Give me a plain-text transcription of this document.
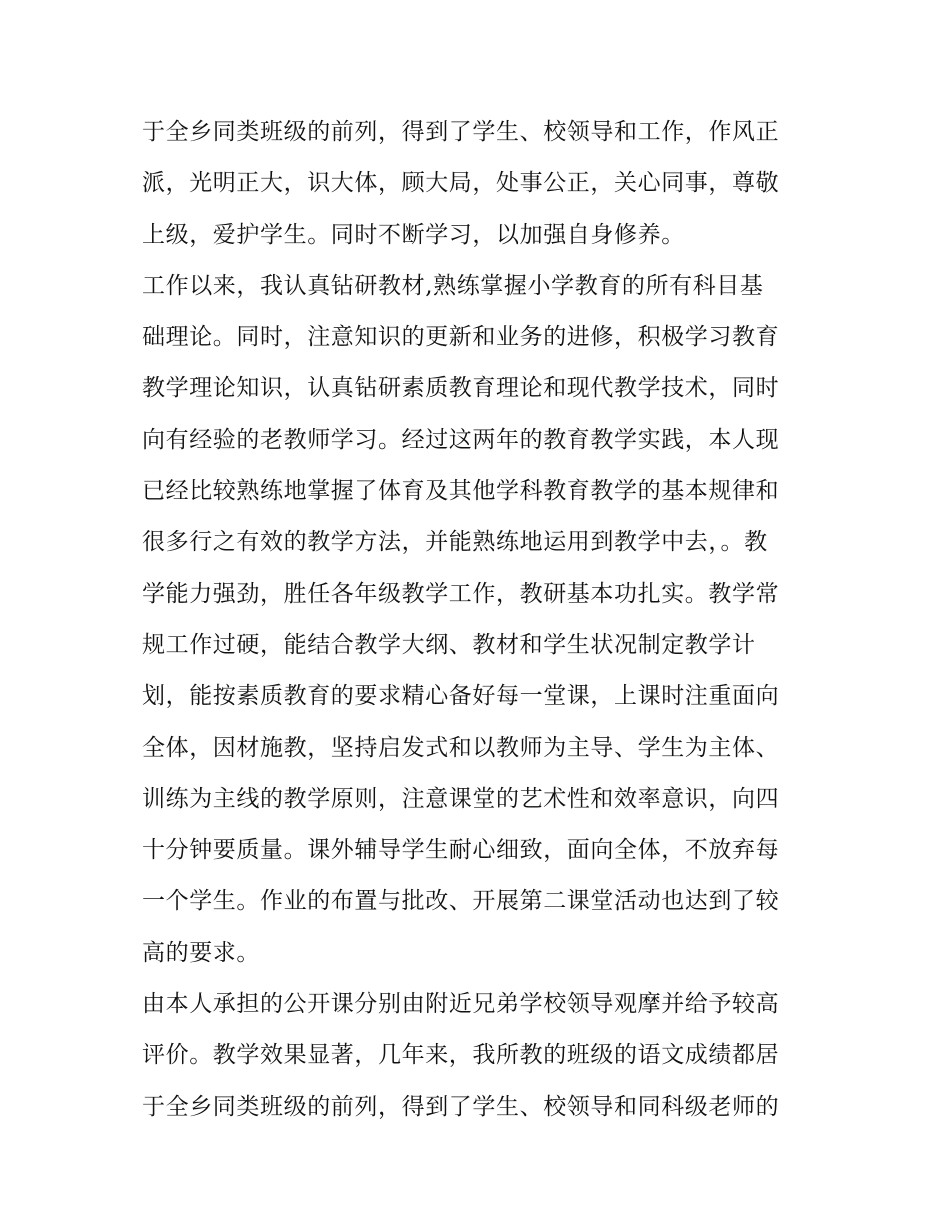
于全乡同类班级的前列，得到了学生、校领导和工作，作风正
派，光明正大，识大体，顾大局，处事公正，关心同事，尊敬
上级，爱护学生。同时不断学习，以加强自身修养。
工作以来，我认真钻研教材,熟练掌握小学教育的所有科目基
础理论。同时，注意知识的更新和业务的进修，积极学习教育
教学理论知识，认真钻研素质教育理论和现代教学技术，同时
向有经验的老教师学习。经过这两年的教育教学实践，本人现
已经比较熟练地掌握了体育及其他学科教育教学的基本规律和
很多行之有效的教学方法，并能熟练地运用到教学中去，。教
学能力强劲，胜任各年级教学工作，教研基本功扎实。教学常
规工作过硬，能结合教学大纲、教材和学生状况制定教学计
划，能按素质教育的要求精心备好每一堂课，上课时注重面向
全体，因材施教，坚持启发式和以教师为主导、学生为主体、
训练为主线的教学原则，注意课堂的艺术性和效率意识，向四
十分钟要质量。课外辅导学生耐心细致，面向全体，不放弃每
一个学生。作业的布置与批改、开展第二课堂活动也达到了较
高的要求。
由本人承担的公开课分别由附近兄弟学校领导观摩并给予较高
评价。教学效果显著，几年来，我所教的班级的语文成绩都居
于全乡同类班级的前列，得到了学生、校领导和同科级老师的
